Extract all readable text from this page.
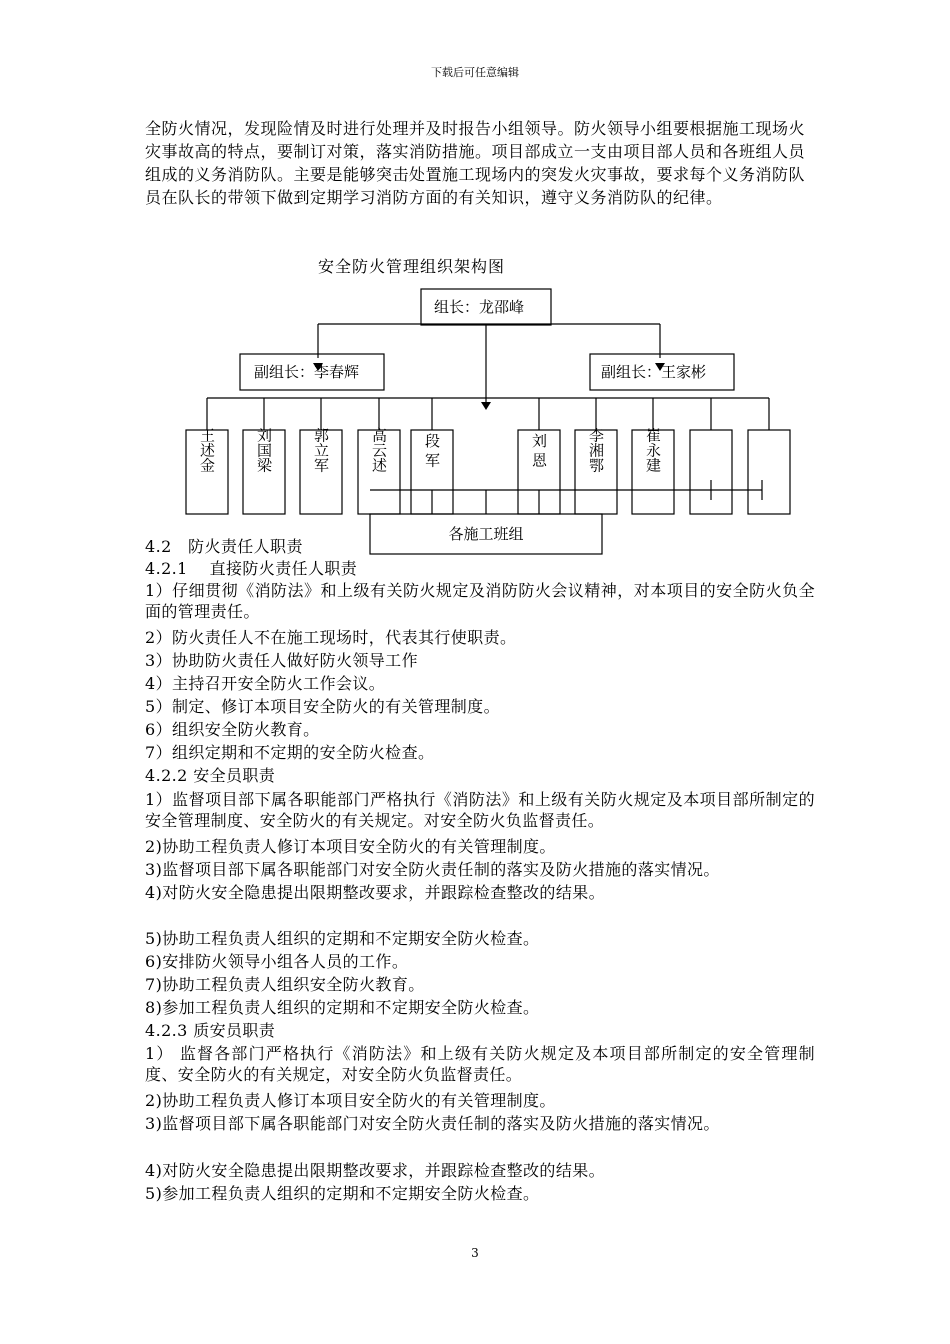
下载后可任意编辑

全防火情况，发现险情及时进行处理并及时报告小组领导。防火领导小组要根据施工现场火灾事故高的特点，要制订对策，落实消防措施。项目部成立一支由项目部人员和各班组人员组成的义务消防队。主要是能够突击处置施工现场内的突发火灾事故，要求每个义务消防队员在队长的带领下做到定期学习消防方面的有关知识，遵守义务消防队的纪律。

安全防火管理组织架构图
组长：龙邵峰
副组长：李春辉	副组长：王家彬
王述金	刘国梁	郭立军	高云述 段 军	刘 恩	李湘鄂	崔永建
各施工班组

4.2　防火责任人职责

4.2.1　 直接防火责任人职责

1）仔细贯彻《消防法》和上级有关防火规定及消防防火会议精神，对本项目的安全防火负全面的管理责任。

2）防火责任人不在施工现场时，代表其行使职责。

3）协助防火责任人做好防火领导工作

4）主持召开安全防火工作会议。

5）制定、修订本项目安全防火的有关管理制度。

6）组织安全防火教育。

7）组织定期和不定期的安全防火检查。

4.2.2 安全员职责

1）监督项目部下属各职能部门严格执行《消防法》和上级有关防火规定及本项目部所制定的安全管理制度、安全防火的有关规定。对安全防火负监督责任。

2)协助工程负责人修订本项目安全防火的有关管理制度。

3)监督项目部下属各职能部门对安全防火责任制的落实及防火措施的落实情况。

4)对防火安全隐患提出限期整改要求，并跟踪检查整改的结果。

5)协助工程负责人组织的定期和不定期安全防火检查。

6)安排防火领导小组各人员的工作。

7)协助工程负责人组织安全防火教育。

8)参加工程负责人组织的定期和不定期安全防火检查。

4.2.3 质安员职责

1） 监督各部门严格执行《消防法》和上级有关防火规定及本项目部所制定的安全管理制度、安全防火的有关规定，对安全防火负监督责任。

2)协助工程负责人修订本项目安全防火的有关管理制度。

3)监督项目部下属各职能部门对安全防火责任制的落实及防火措施的落实情况。

4)对防火安全隐患提出限期整改要求，并跟踪检查整改的结果。

5)参加工程负责人组织的定期和不定期安全防火检查。

3
